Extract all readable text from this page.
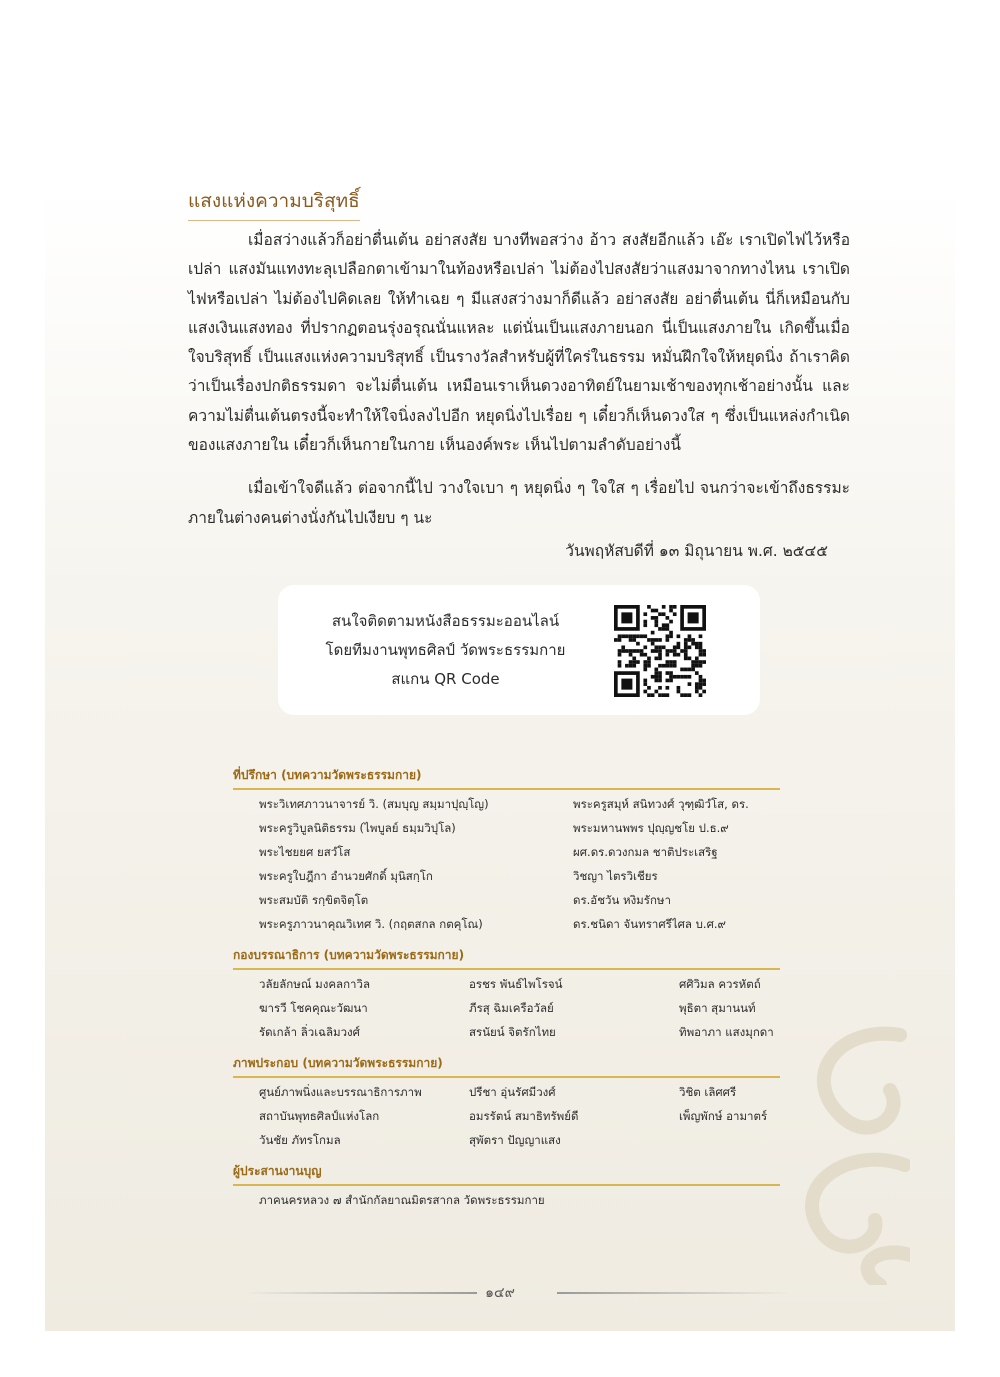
แสงแห่งความบริสุทธิ์

เมื่อสว่างแล้วก็อย่าตื่นเต้น อย่าสงสัย บางทีพอสว่าง อ้าว สงสัยอีกแล้ว เอ๊ะ เราเปิดไฟไว้หรือเปล่า แสงมันแทงทะลุเปลือกตาเข้ามาในท้องหรือเปล่า ไม่ต้องไปสงสัยว่าแสงมาจากทางไหน เราเปิดไฟหรือเปล่า ไม่ต้องไปคิดเลย ให้ทำเฉย ๆ มีแสงสว่างมาก็ดีแล้ว อย่าสงสัย อย่าตื่นเต้น นี่ก็เหมือนกับแสงเงินแสงทอง ที่ปรากฏตอนรุ่งอรุณนั่นแหละ แต่นั่นเป็นแสงภายนอก นี่เป็นแสงภายใน เกิดขึ้นเมื่อใจบริสุทธิ์ เป็นแสงแห่งความบริสุทธิ์ เป็นรางวัลสำหรับผู้ที่ใคร่ในธรรม หมั่นฝึกใจให้หยุดนิ่ง ถ้าเราคิดว่าเป็นเรื่องปกติธรรมดา จะไม่ตื่นเต้น เหมือนเราเห็นดวงอาทิตย์ในยามเช้าของทุกเช้าอย่างนั้น และความไม่ตื่นเต้นตรงนี้จะทำให้ใจนิ่งลงไปอีก หยุดนิ่งไปเรื่อย ๆ เดี๋ยวก็เห็นดวงใส ๆ ซึ่งเป็นแหล่งกำเนิดของแสงภายใน เดี๋ยวก็เห็นกายในกาย เห็นองค์พระ เห็นไปตามลำดับอย่างนี้

เมื่อเข้าใจดีแล้ว ต่อจากนี้ไป วางใจเบา ๆ หยุดนิ่ง ๆ ใจใส ๆ เรื่อยไป จนกว่าจะเข้าถึงธรรมะภายในต่างคนต่างนั่งกันไปเงียบ ๆ นะ

วันพฤหัสบดีที่ ๑๓ มิถุนายน พ.ศ. ๒๕๔๕
สนใจติดตามหนังสือธรรมะออนไลน์
โดยทีมงานพุทธศิลป์ วัดพระธรรมกาย
สแกน QR Code
ที่ปรึกษา (บทความวัดพระธรรมกาย)
พระวิเทศภาวนาจารย์ วิ. (สมบุญ สมฺมาปุญฺโญ)	พระครูสมุห์ สนิทวงศ์ วุฑฺฒิวํโส, ดร.
พระครูวิบูลนิติธรรม (ไพบูลย์ ธมฺมวิปุโล)	พระมหานพพร ปุญฺญชโย ป.ธ.๙
พระไชยยศ ยสวํโส	ผศ.ดร.ดวงกมล ชาติประเสริฐ
พระครูใบฎีกา อำนวยศักดิ์ มุนิสกฺโก	วิชญา ไตรวิเชียร
พระสมบัติ รกฺขิตจิตฺโต	ดร.อัชวัน หงิมรักษา
พระครูภาวนาคุณวิเทศ วิ. (กฤตสกล กตคุโณ)	ดร.ชนิดา จันทราศรีไศล บ.ศ.๙
กองบรรณาธิการ (บทความวัดพระธรรมกาย)
วลัยลักษณ์ มงคลกาวิล	อรชร พันธ์ไพโรจน์	ศศิวิมล ควรหัตถ์
ฆารวี โชคคุณะวัฒนา	ภีรสุ ฉิมเครือวัลย์	พุธิตา สุมานนท์
รัดเกล้า ลิ่วเฉลิมวงศ์	สรนัยน์ จิตรักไทย	ทิพอาภา แสงมุกดา
ภาพประกอบ (บทความวัดพระธรรมกาย)
ศูนย์ภาพนิ่งและบรรณาธิการภาพ	ปรีชา อุ่นรัศมีวงศ์	วิชิต เลิศศรี
สถาบันพุทธศิลป์แห่งโลก	อมรรัตน์ สมาธิทรัพย์ดี	เพ็ญพักษ์ อามาตร์
วันชัย ภัทรโกมล	สุพัตรา ปัญญาแสง
ผู้ประสานงานบุญ
ภาคนครหลวง ๗ สำนักกัลยาณมิตรสากล วัดพระธรรมกาย
๑๔๙
